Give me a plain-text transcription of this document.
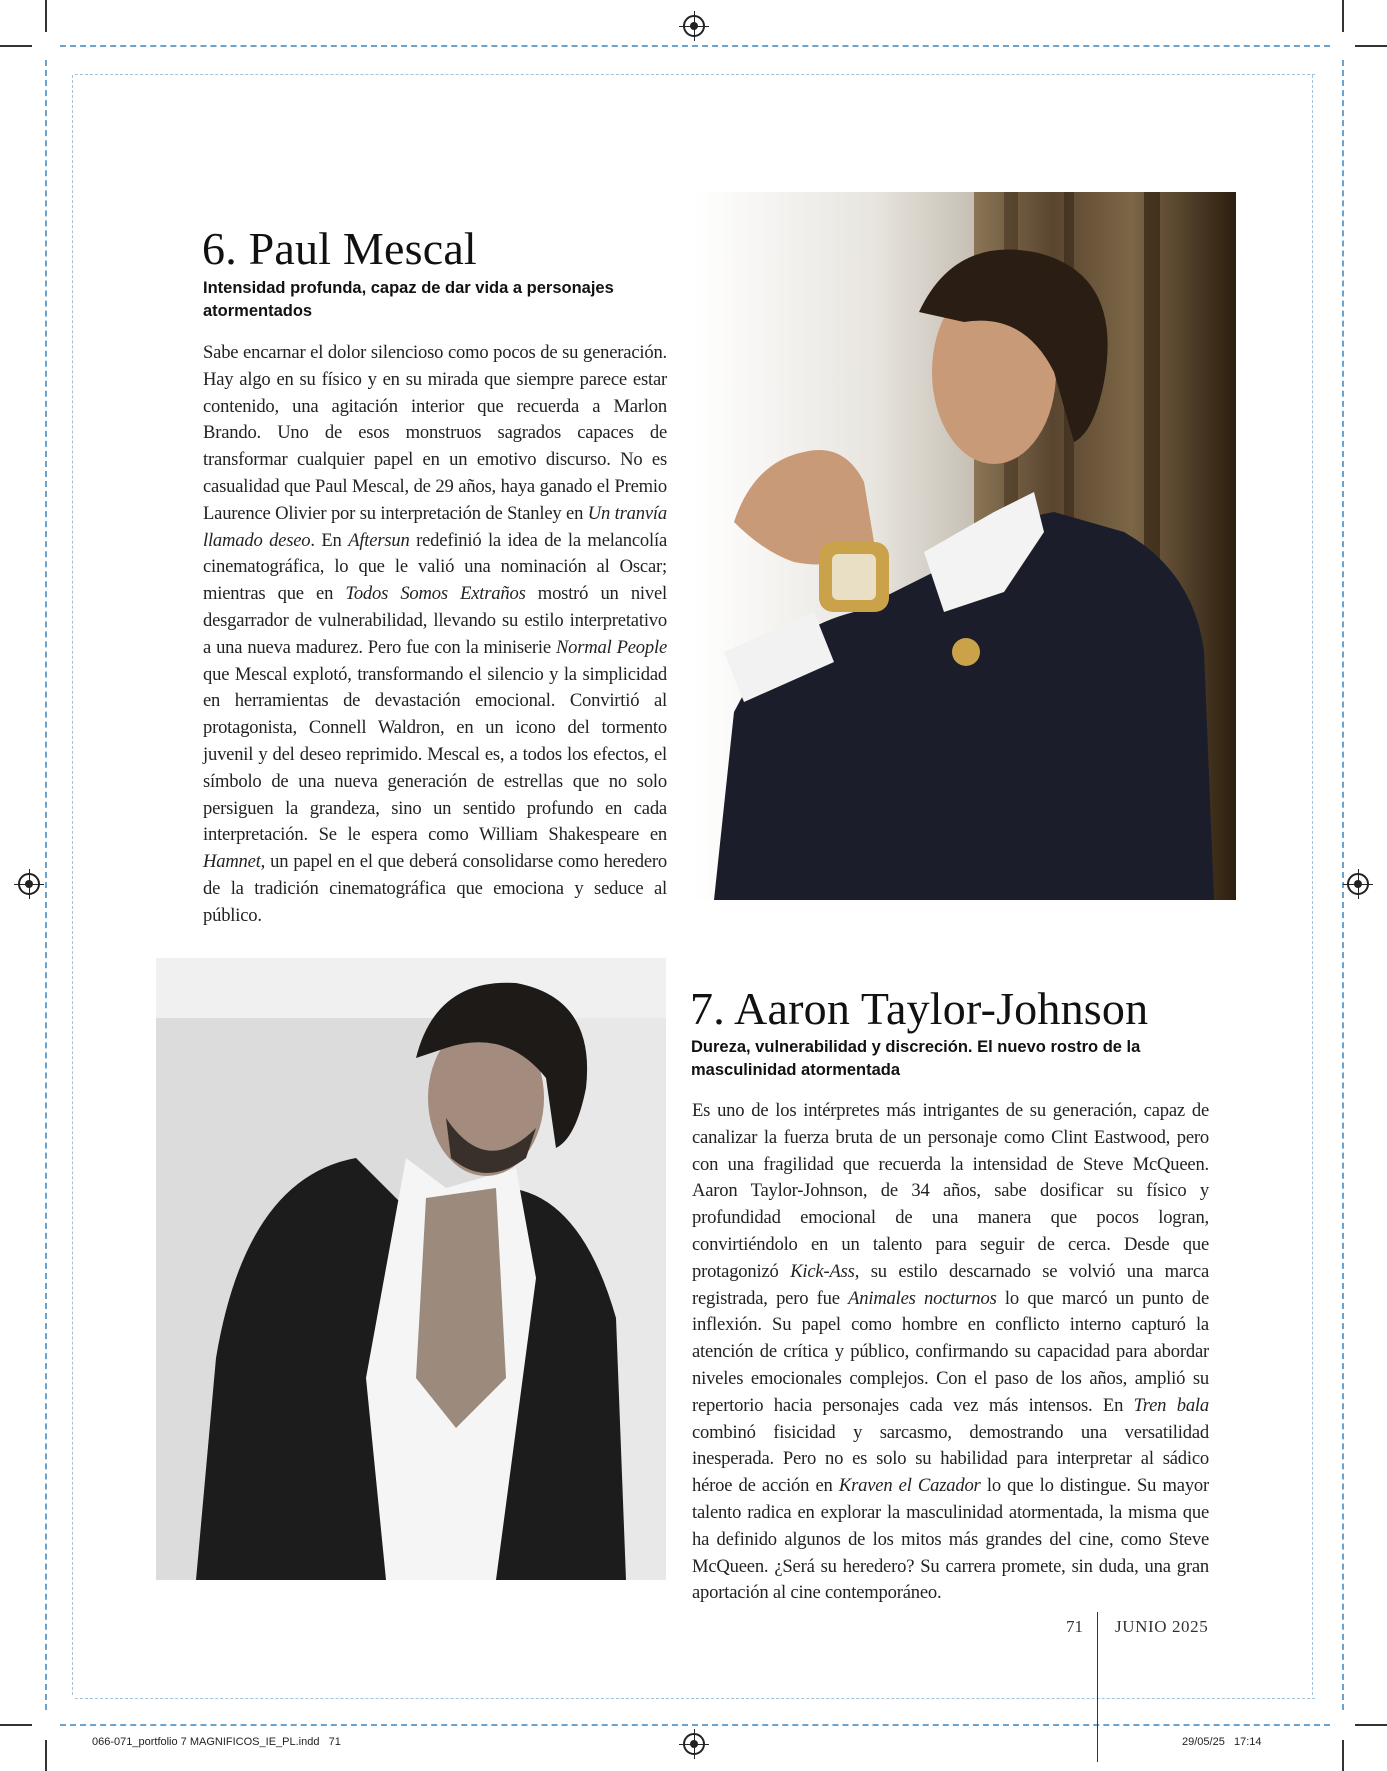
6. Paul Mescal
Intensidad profunda, capaz de dar vida a personajes atormentados
Sabe encarnar el dolor silencioso como pocos de su generación. Hay algo en su físico y en su mirada que siempre parece estar contenido, una agitación interior que recuerda a Marlon Brando. Uno de esos monstruos sagrados capaces de transformar cualquier papel en un emotivo discurso. No es casualidad que Paul Mescal, de 29 años, haya ganado el Premio Laurence Olivier por su interpretación de Stanley en Un tranvía llamado deseo. En Aftersun redefinió la idea de la melancolía cinematográfica, lo que le valió una nominación al Oscar; mientras que en Todos Somos Extraños mostró un nivel desgarrador de vulnerabilidad, llevando su estilo interpretativo a una nueva madurez. Pero fue con la miniserie Normal People que Mescal explotó, transformando el silencio y la simplicidad en herramientas de devastación emocional. Convirtió al protagonista, Connell Waldron, en un icono del tormento juvenil y del deseo reprimido. Mescal es, a todos los efectos, el símbolo de una nueva generación de estrellas que no solo persiguen la grandeza, sino un sentido profundo en cada interpretación. Se le espera como William Shakespeare en Hamnet, un papel en el que deberá consolidarse como heredero de la tradición cinematográfica que emociona y seduce al público.
7. Aaron Taylor-Johnson
Dureza, vulnerabilidad y discreción. El nuevo rostro de la masculinidad atormentada
Es uno de los intérpretes más intrigantes de su generación, capaz de canalizar la fuerza bruta de un personaje como Clint Eastwood, pero con una fragilidad que recuerda la intensidad de Steve McQueen. Aaron Taylor-Johnson, de 34 años, sabe dosificar su físico y profundidad emocional de una manera que pocos logran, convirtiéndolo en un talento para seguir de cerca. Desde que protagonizó Kick-Ass, su estilo descarnado se volvió una marca registrada, pero fue Animales nocturnos lo que marcó un punto de inflexión. Su papel como hombre en conflicto interno capturó la atención de crítica y público, confirmando su capacidad para abordar niveles emocionales complejos. Con el paso de los años, amplió su repertorio hacia personajes cada vez más intensos. En Tren bala combinó fisicidad y sarcasmo, demostrando una versatilidad inesperada. Pero no es solo su habilidad para interpretar al sádico héroe de acción en Kraven el Cazador lo que lo distingue. Su mayor talento radica en explorar la masculinidad atormentada, la misma que ha definido algunos de los mitos más grandes del cine, como Steve McQueen. ¿Será su heredero? Su carrera promete, sin duda, una gran aportación al cine contemporáneo.
71 JUNIO 2025
066-071_portfolio 7 MAGNIFICOS_IE_PL.indd   71	29/05/25   17:14
